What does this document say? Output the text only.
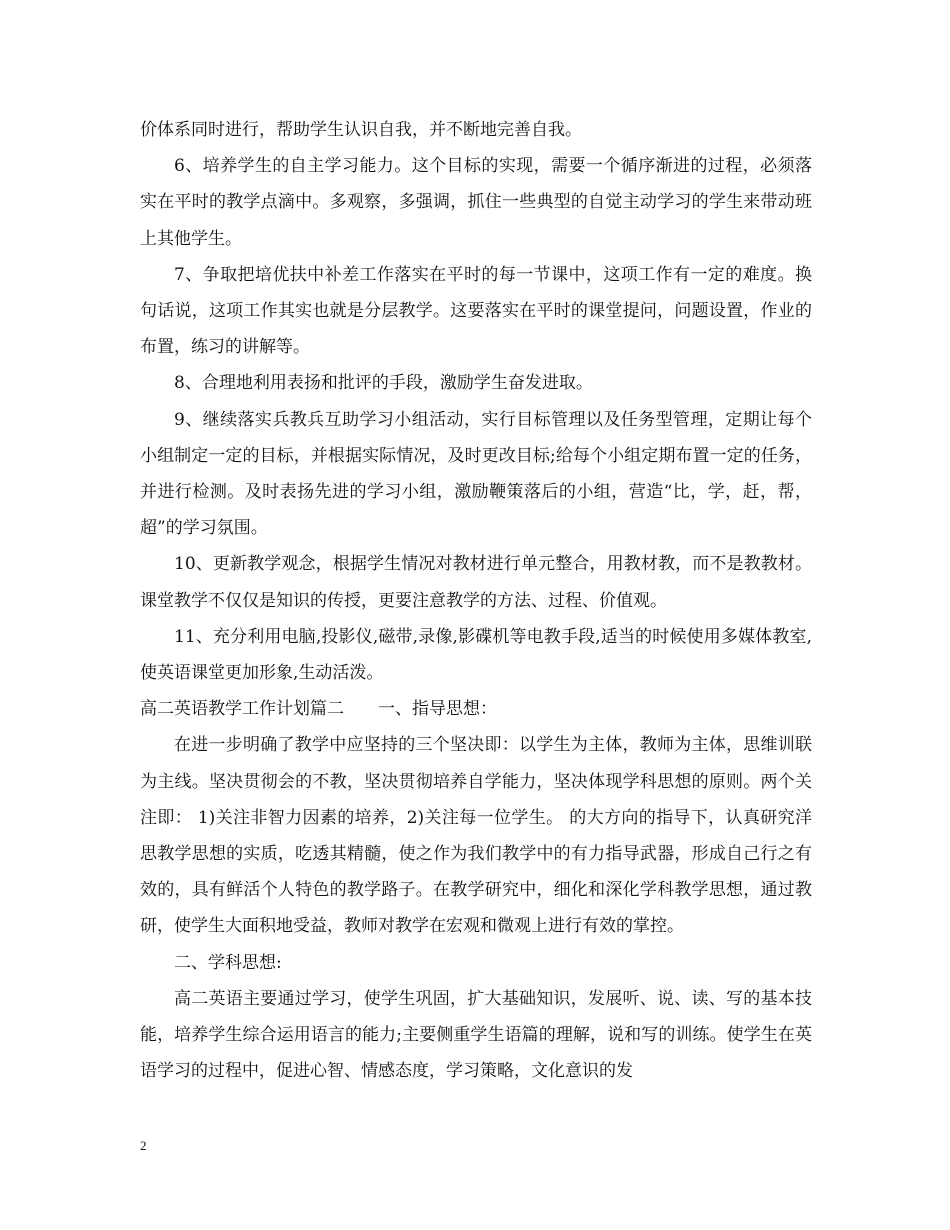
价体系同时进行，帮助学生认识自我，并不断地完善自我。

6、培养学生的自主学习能力。这个目标的实现，需要一个循序渐进的过程，必须落实在平时的教学点滴中。多观察，多强调，抓住一些典型的自觉主动学习的学生来带动班上其他学生。

7、争取把培优扶中补差工作落实在平时的每一节课中，这项工作有一定的难度。换句话说，这项工作其实也就是分层教学。这要落实在平时的课堂提问，问题设置，作业的布置，练习的讲解等。

8、合理地利用表扬和批评的手段，激励学生奋发进取。

9、继续落实兵教兵互助学习小组活动，实行目标管理以及任务型管理，定期让每个小组制定一定的目标，并根据实际情况，及时更改目标;给每个小组定期布置一定的任务，并进行检测。及时表扬先进的学习小组，激励鞭策落后的小组，营造“比，学，赶，帮，超”的学习氛围。

10、更新教学观念，根据学生情况对教材进行单元整合，用教材教，而不是教教材。课堂教学不仅仅是知识的传授，更要注意教学的方法、过程、价值观。

11、充分利用电脑,投影仪,磁带,录像,影碟机等电教手段,适当的时候使用多媒体教室,使英语课堂更加形象,生动活泼。

高二英语教学工作计划篇二　　一、指导思想：

在进一步明确了教学中应坚持的三个坚决即：以学生为主体，教师为主体，思维训联为主线。坚决贯彻会的不教，坚决贯彻培养自学能力，坚决体现学科思想的原则。两个关注即： 1)关注非智力因素的培养，2)关注每一位学生。 的大方向的指导下，认真研究洋思教学思想的实质，吃透其精髓，使之作为我们教学中的有力指导武器，形成自己行之有效的，具有鲜活个人特色的教学路子。在教学研究中，细化和深化学科教学思想，通过教研，使学生大面积地受益，教师对教学在宏观和微观上进行有效的掌控。

二、学科思想:

高二英语主要通过学习，使学生巩固，扩大基础知识，发展听、说、读、写的基本技能，培养学生综合运用语言的能力;主要侧重学生语篇的理解，说和写的训练。使学生在英语学习的过程中，促进心智、情感态度，学习策略，文化意识的发

2
